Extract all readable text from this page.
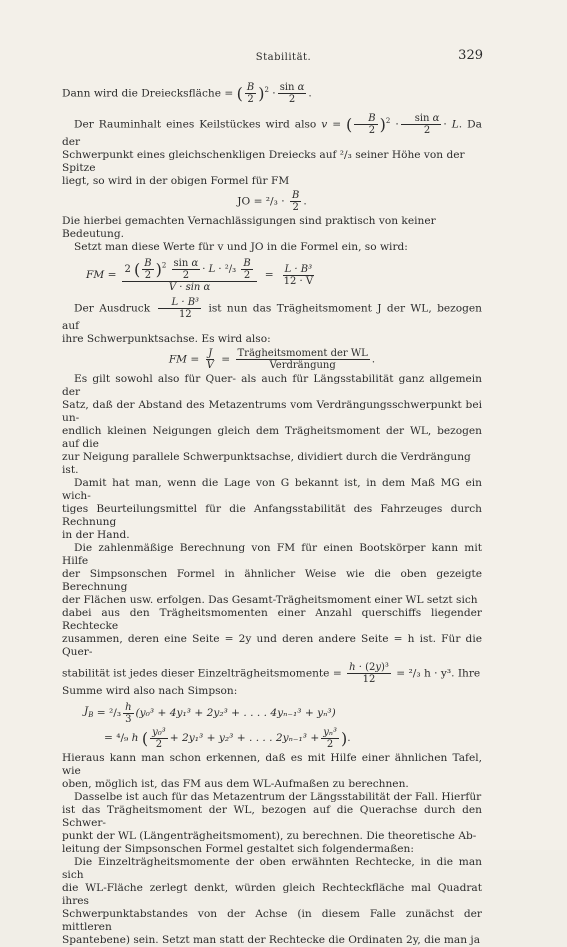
Stabilität.	329
Dann wird die Dreiecksfläche = ( $\frac{B}{2} )^2 \cdot \frac{\text{sin α}}{2}$ .
Der Rauminhalt eines Keilstückes wird also v = ( $\frac{B}{2} )^2 \cdot \frac{\text{sin α}}{2} \cdot L$. Da der
Schwerpunkt eines gleichschenkligen Dreiecks auf ²/₃ seiner Höhe von der Spitze
liegt, so wird in der obigen Formel für FM
JO = $^2/_3 \cdot \frac{B}{2}$ .
Die hierbei gemachten Vernachlässigungen sind praktisch von keiner Bedeutung.
Setzt man diese Werte für v und JO in die Formel ein, so wird:
FM = $\frac{2 ( \frac{B}{2} )^2 \frac{\text{sin α}}{2} \cdot L \cdot ^2/_3 \frac{B}{2}}{\text{V · sin α}} = \frac{\text{L · B³}}{12 \cdot V}$
Der Ausdruck $\frac{\text{L · B³}}{12}$ ist nun das Trägheitsmoment J der WL, bezogen auf
ihre Schwerpunktsachse. Es wird also:
FM = $\frac{J}{V} = \frac{\text{Trägheitsmoment der WL}}{\text{Verdrängung}}$ .
Es gilt sowohl also für Quer- als auch für Längsstabilität ganz allgemein der
Satz, daß der Abstand des Metazentrums vom Verdrängungsschwerpunkt bei un-
endlich kleinen Neigungen gleich dem Trägheitsmoment der WL, bezogen auf die
zur Neigung parallele Schwerpunktsachse, dividiert durch die Verdrängung ist.
Damit hat man, wenn die Lage von G bekannt ist, in dem Maß MG ein wich-
tiges Beurteilungsmittel für die Anfangsstabilität des Fahrzeuges durch Rechnung
in der Hand.
Die zahlenmäßige Berechnung von FM für einen Bootskörper kann mit Hilfe
der Simpsonschen Formel in ähnlicher Weise wie die oben gezeigte Berechnung
der Flächen usw. erfolgen. Das Gesamt-Trägheitsmoment einer WL setzt sich
dabei aus den Trägheitsmomenten einer Anzahl querschiffs liegender Rechtecke
zusammen, deren eine Seite = 2y und deren andere Seite = h ist. Für die Quer-
stabilität ist jedes dieser Einzelträgheitsmomente = $\frac{\text{h · (2y)³}}{12} = ^2/_3$ h · y³. Ihre
Summe wird also nach Simpson:
$J_B = ^2/_3 \frac{h}{3} (y_0^3 + 4y_1^3 + 2y_2^3$ + . . . . 4yₙ₋₁³ + yₙ³)
= ⁴/₉ h ( $\frac{\text{y₀³}}{2} + 2y_1^3 + y_2^3$ + . . . . $2y_{n-1}^3 + \frac{\text{yₙ³}}{2}$ ) .
Hieraus kann man schon erkennen, daß es mit Hilfe einer ähnlichen Tafel, wie
oben, möglich ist, das FM aus dem WL-Aufmaßen zu berechnen.
Dasselbe ist auch für das Metazentrum der Längsstabilität der Fall. Hierfür
ist das Trägheitsmoment der WL, bezogen auf die Querachse durch den Schwer-
punkt der WL (Längenträgheitsmoment), zu berechnen. Die theoretische Ab-
leitung der Simpsonschen Formel gestaltet sich folgendermaßen:
Die Einzelträgheitsmomente der oben erwähnten Rechtecke, in die man sich
die WL-Fläche zerlegt denkt, würden gleich Rechteckfläche mal Quadrat ihres
Schwerpunktabstandes von der Achse (in diesem Falle zunächst der mittleren
Spantebene) sein. Setzt man statt der Rechtecke die Ordinaten 2y, die man ja
